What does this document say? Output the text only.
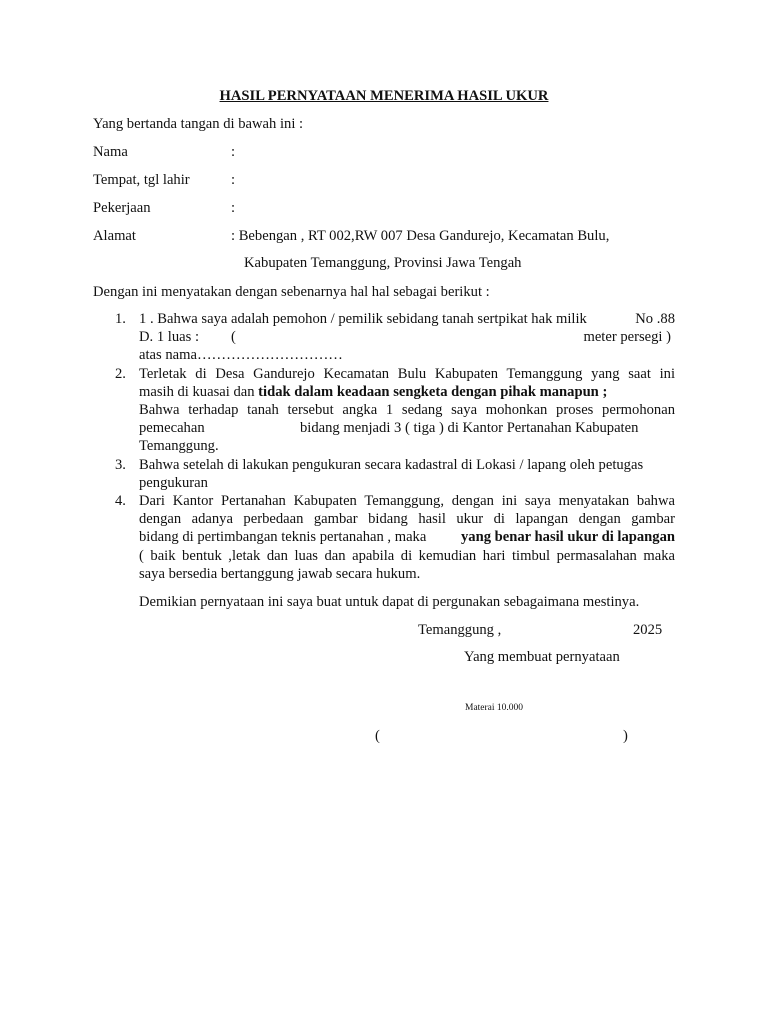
HASIL PERNYATAAN MENERIMA HASIL UKUR
Yang bertanda tangan di bawah ini :
Nama	:
Tempat, tgl lahir	:
Pekerjaan	:
Alamat	: Bebengan , RT 002,RW 007 Desa Gandurejo, Kecamatan Bulu,
Kabupaten Temanggung, Provinsi Jawa Tengah
Dengan ini menyatakan dengan sebenarnya hal hal sebagai berikut :
1. 1 . Bahwa saya adalah pemohon / pemilik sebidang tanah sertpikat hak milik	No .88
D. 1 luas : (	meter persegi )
atas nama…………………………
2. Terletak di Desa Gandurejo Kecamatan Bulu Kabupaten Temanggung yang saat ini
masih di kuasai dan tidak dalam keadaan sengketa dengan pihak manapun ;
Bahwa terhadap tanah tersebut angka 1 sedang saya mohonkan proses permohonan
pemecahan	bidang menjadi 3 ( tiga ) di Kantor Pertanahan Kabupaten
Temanggung.
3. Bahwa setelah di lakukan pengukuran secara kadastral di Lokasi / lapang oleh petugas
pengukuran
4. Dari Kantor Pertanahan Kabupaten Temanggung, dengan ini saya menyatakan bahwa
dengan adanya perbedaan gambar bidang hasil ukur di lapangan dengan gambar
bidang di pertimbangan teknis pertanahan , maka yang benar hasil ukur di lapangan
( baik bentuk ,letak dan luas dan apabila di kemudian hari timbul permasalahan maka
saya bersedia bertanggung jawab secara hukum.
Demikian pernyataan ini saya buat untuk dapat di pergunakan sebagaimana mestinya.
Temanggung ,	2025
Yang membuat pernyataan
Materai 10.000
(	)
